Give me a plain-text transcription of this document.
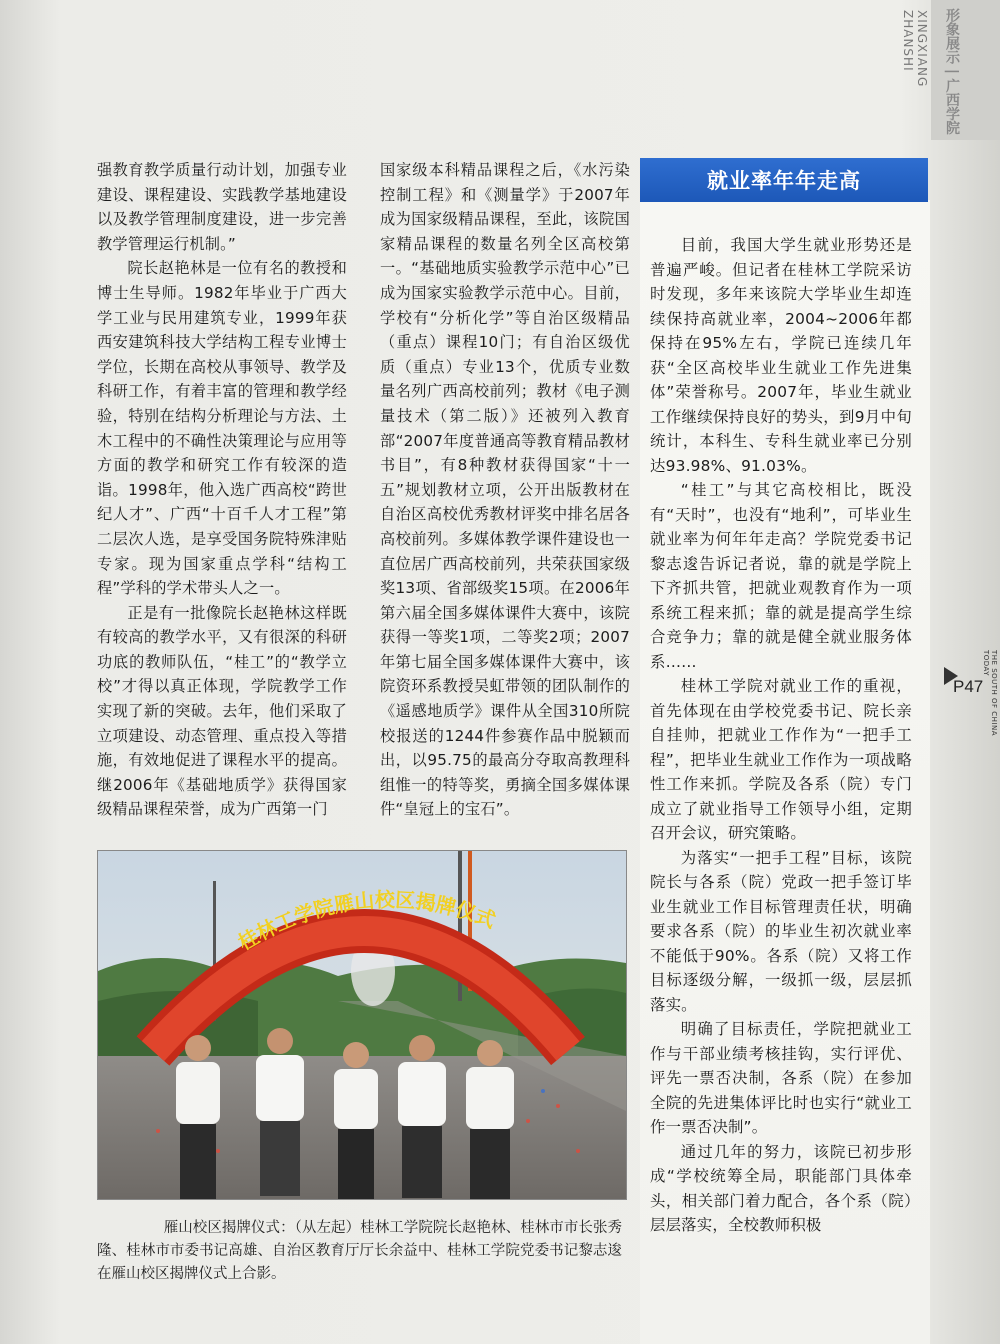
XINGXIANG ZHANSHI	形象展示 | 广西学院

强教育教学质量行动计划，加强专业建设、课程建设、实践教学基地建设以及教学管理制度建设，进一步完善教学管理运行机制。”

院长赵艳林是一位有名的教授和博士生导师。1982年毕业于广西大学工业与民用建筑专业，1999年获西安建筑科技大学结构工程专业博士学位，长期在高校从事领导、教学及科研工作，有着丰富的管理和教学经验，特别在结构分析理论与方法、土木工程中的不确性决策理论与应用等方面的教学和研究工作有较深的造诣。1998年，他入选广西高校“跨世纪人才”、广西“十百千人才工程”第二层次人选，是享受国务院特殊津贴专家。现为国家重点学科“结构工程”学科的学术带头人之一。

正是有一批像院长赵艳林这样既有较高的教学水平，又有很深的科研功底的教师队伍，“桂工”的“教学立校”才得以真正体现，学院教学工作实现了新的突破。去年，他们采取了立项建设、动态管理、重点投入等措施，有效地促进了课程水平的提高。继2006年《基础地质学》获得国家级精品课程荣誉，成为广西第一门

国家级本科精品课程之后，《水污染控制工程》和《测量学》于2007年成为国家级精品课程，至此，该院国家精品课程的数量名列全区高校第一。“基础地质实验教学示范中心”已成为国家实验教学示范中心。目前，学校有“分析化学”等自治区级精品（重点）课程10门；有自治区级优质（重点）专业13个，优质专业数量名列广西高校前列；教材《电子测量技术（第二版）》还被列入教育部“2007年度普通高等教育精品教材书目”，有8种教材获得国家“十一五”规划教材立项，公开出版教材在自治区高校优秀教材评奖中排名居各高校前列。多媒体教学课件建设也一直位居广西高校前列，共荣获国家级奖13项、省部级奖15项。在2006年第六届全国多媒体课件大赛中，该院获得一等奖1项，二等奖2项；2007年第七届全国多媒体课件大赛中，该院资环系教授吴虹带领的团队制作的《遥感地质学》课件从全国310所院校报送的1244件参赛作品中脱颖而出，以95.75的最高分夺取高教理科组惟一的特等奖，勇摘全国多媒体课件“皇冠上的宝石”。

就业率年年走高

目前，我国大学生就业形势还是普遍严峻。但记者在桂林工学院采访时发现，多年来该院大学毕业生却连续保持高就业率，2004~2006年都保持在95%左右，学院已连续几年获“全区高校毕业生就业工作先进集体”荣誉称号。2007年，毕业生就业工作继续保持良好的势头，到9月中旬统计，本科生、专科生就业率已分别达93.98%、91.03%。

“桂工”与其它高校相比，既没有“天时”，也没有“地利”，可毕业生就业率为何年年走高？学院党委书记黎志逡告诉记者说，靠的就是学院上下齐抓共管，把就业观教育作为一项系统工程来抓；靠的就是提高学生综合竞争力；靠的就是健全就业服务体系……

桂林工学院对就业工作的重视，首先体现在由学校党委书记、院长亲自挂帅，把就业工作作为“一把手工程”，把毕业生就业工作作为一项战略性工作来抓。学院及各系（院）专门成立了就业指导工作领导小组，定期召开会议，研究策略。

为落实“一把手工程”目标，该院院长与各系（院）党政一把手签订毕业生就业工作目标管理责任状，明确要求各系（院）的毕业生初次就业率不能低于90%。各系（院）又将工作目标逐级分解，一级抓一级，层层抓落实。

明确了目标责任，学院把就业工作与干部业绩考核挂钩，实行评优、评先一票否决制，各系（院）在参加全院的先进集体评比时也实行“就业工作一票否决制”。

通过几年的努力，该院已初步形成“学校统筹全局，职能部门具体牵头，相关部门着力配合，各个系（院）层层落实，全校教师积极

P47 THE SOUTH OF CHINA TODAY
桂林工学院雁山校区揭牌仪式
雁山校区揭牌仪式：（从左起）桂林工学院院长赵艳林、桂林市市长张秀隆、桂林市市委书记高雄、自治区教育厅厅长余益中、桂林工学院党委书记黎志逡在雁山校区揭牌仪式上合影。
